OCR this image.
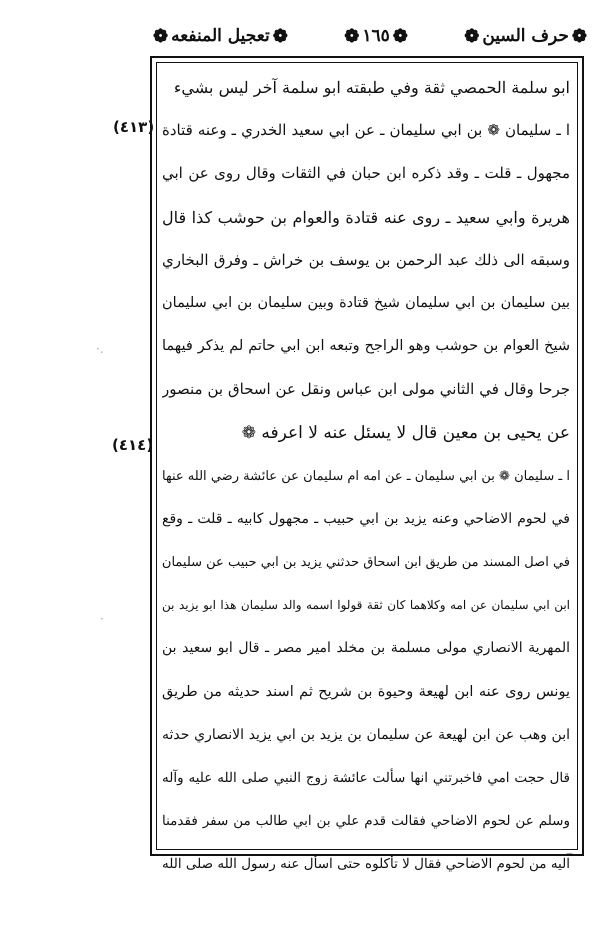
❁
حرف السين
❁
❁
١٦٥
❁
❁
تعجيل المنفعه
❁
(٤١٣)
(٤١٤)
·.
·
ابو سلمة الحمصي ثقة وفي طبقته ابو سلمة آخر ليس بشيء
ا ـ سليمان ❁ بن ابي سليمان ـ عن ابي سعيد الخدري ـ وعنه قتادة
مجهول ـ قلت ـ وقد ذكره ابن حبان في الثقات وقال روى عن ابي
هريرة وابي سعيد ـ روى عنه قتادة والعوام بن حوشب كذا قال
وسبقه الى ذلك عبد الرحمن بن يوسف بن خراش ـ وفرق البخاري
بين سليمان بن ابي سليمان شيخ قتادة وبين سليمان بن ابي سليمان
شيخ العوام بن حوشب وهو الراجح وتبعه ابن ابي حاتم لم يذكر فيهما
جرحا وقال في الثاني مولى ابن عباس ونقل عن اسحاق بن منصور
عن يحيى بن معين قال لا يسئل عنه لا اعرفه ❁
ا ـ سليمان ❁ بن ابي سليمان ـ عن امه ام سليمان عن عائشة رضي الله عنها
في لحوم الاضاحي وعنه يزيد بن ابي حبيب ـ مجهول كابيه ـ قلت ـ وقع
في اصل المسند من طريق ابن اسحاق حدثني يزيد بن ابي حبيب عن سليمان
ابن ابي سليمان عن امه وكلاهما كان ثقة قولوا اسمه والد سليمان هذا ابو يزيد بن
المهرية الانصاري مولى مسلمة بن مخلد امير مصر ـ قال ابو سعيد بن
يونس روى عنه ابن لهيعة وحيوة بن شريح ثم اسند حديثه من طريق
ابن وهب عن ابن لهيعة عن سليمان بن يزيد بن ابي يزيد الانصاري حدثه
قال حجت امي فاخبرتني انها سألت عائشة زوج النبي صلى الله عليه وآله
وسلم عن لحوم الاضاحي فقالت قدم علي بن ابي طالب من سفر فقدمنا
اليه من لحوم الاضاحي فقال لا تأكلوه حتى اسأل عنه رسول الله صلى الله
–
